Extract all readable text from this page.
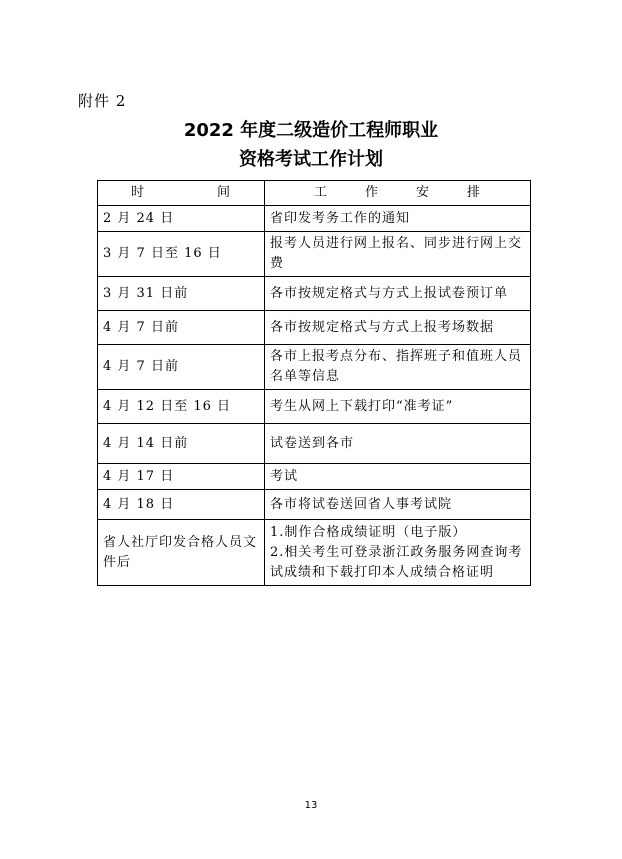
附件 2
2022 年度二级造价工程师职业
资格考试工作计划
时 间	工 作 安 排

2 月 24 日	省印发考务工作的通知

3 月 7 日至 16 日	报考人员进行网上报名、同步进行网上交费

3 月 31 日前	各市按规定格式与方式上报试卷预订单

4 月 7 日前	各市按规定格式与方式上报考场数据

4 月 7 日前	各市上报考点分布、指挥班子和值班人员名单等信息

4 月 12 日至 16 日	考生从网上下载打印“准考证”

4 月 14 日前	试卷送到各市

4 月 17 日	考试

4 月 18 日	各市将试卷送回省人事考试院

省人社厅印发合格人员文件后	1.制作合格成绩证明（电子版）
2.相关考生可登录浙江政务服务网查询考试成绩和下载打印本人成绩合格证明
13
